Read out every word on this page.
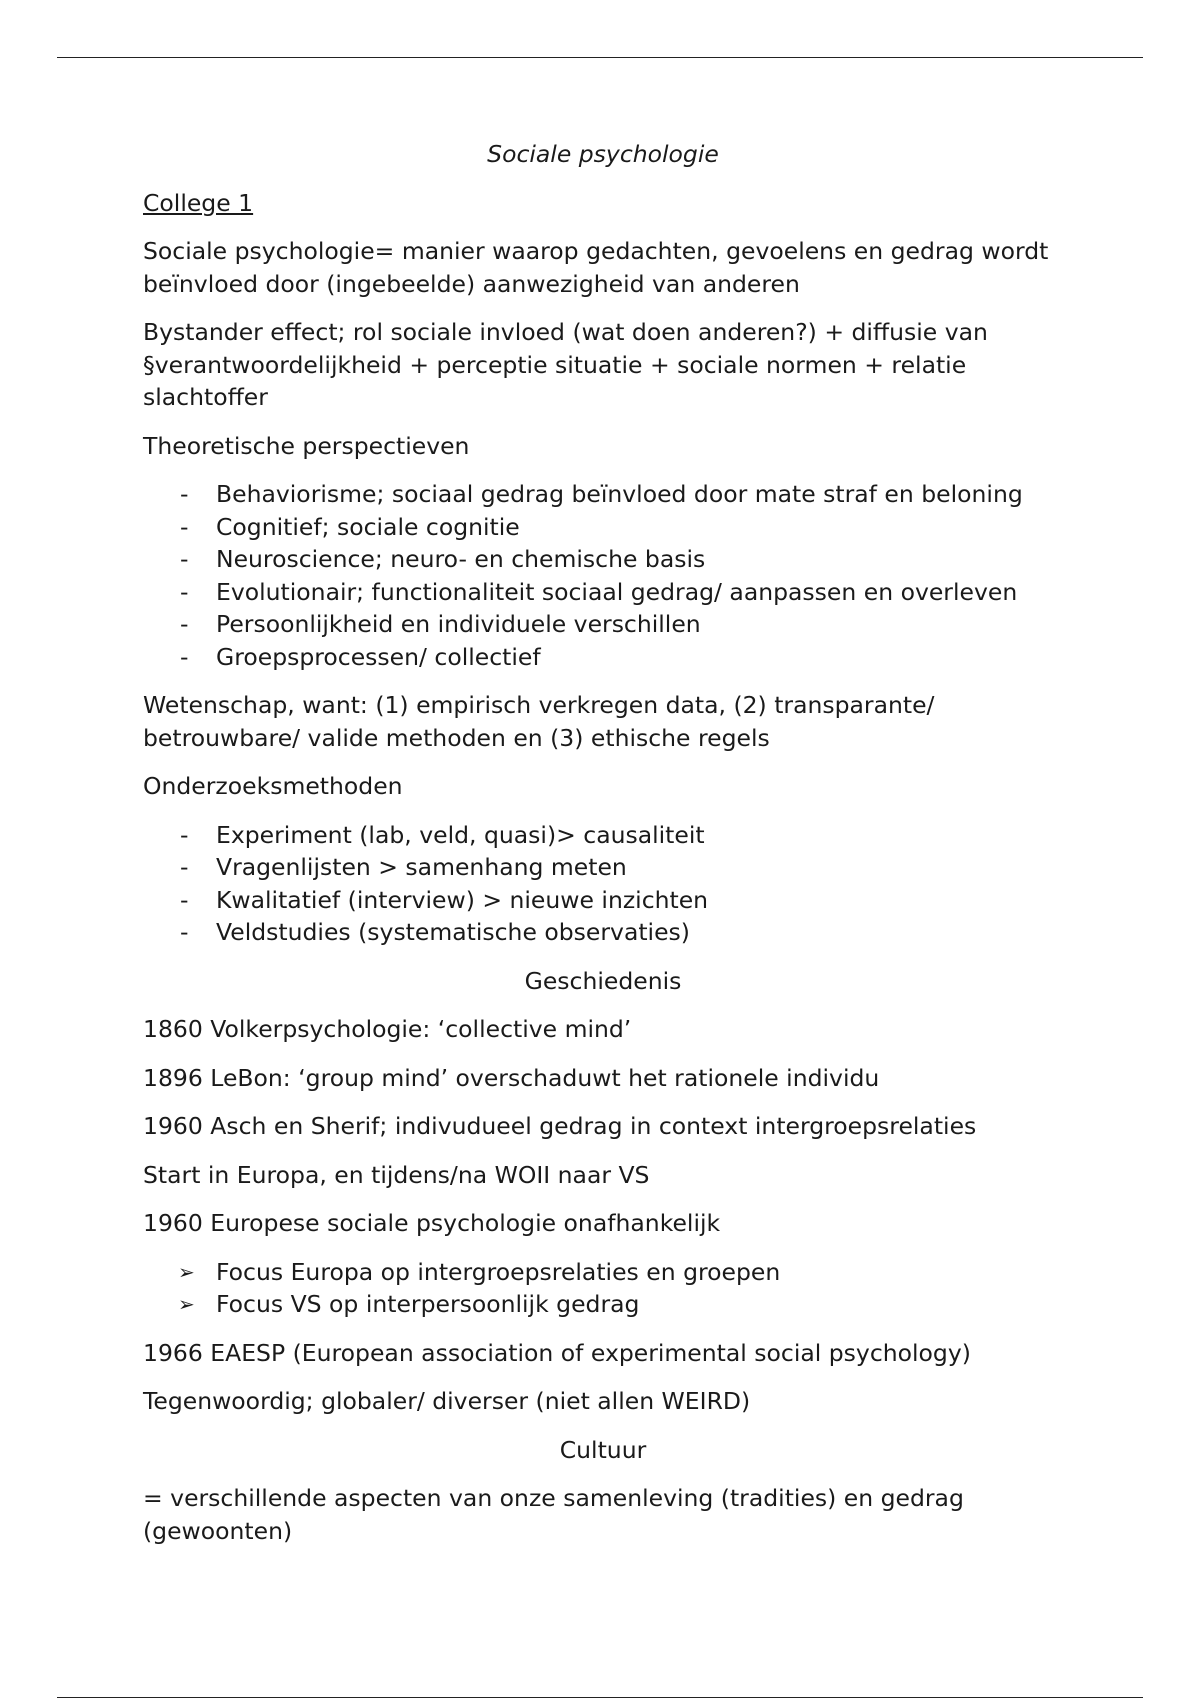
Sociale psychologie
College 1

Sociale psychologie= manier waarop gedachten, gevoelens en gedrag wordt beïnvloed door (ingebeelde) aanwezigheid van anderen

Bystander effect; rol sociale invloed (wat doen anderen?) + diffusie van
§verantwoordelijkheid + perceptie situatie + sociale normen + relatie
slachtoffer

Theoretische perspectieven

- Behaviorisme; sociaal gedrag beïnvloed door mate straf en beloning
- Cognitief; sociale cognitie
- Neuroscience; neuro- en chemische basis
- Evolutionair; functionaliteit sociaal gedrag/ aanpassen en overleven
- Persoonlijkheid en individuele verschillen
- Groepsprocessen/ collectief

Wetenschap, want: (1) empirisch verkregen data, (2) transparante/ betrouwbare/ valide methoden en (3) ethische regels

Onderzoeksmethoden

- Experiment (lab, veld, quasi)> causaliteit
- Vragenlijsten > samenhang meten
- Kwalitatief (interview) > nieuwe inzichten
- Veldstudies (systematische observaties)
Geschiedenis

1860 Volkerpsychologie: ‘collective mind’

1896 LeBon: ‘group mind’ overschaduwt het rationele individu

1960 Asch en Sherif; indivudueel gedrag in context intergroepsrelaties

Start in Europa, en tijdens/na WOII naar VS

1960 Europese sociale psychologie onafhankelijk

➢ Focus Europa op intergroepsrelaties en groepen
➢ Focus VS op interpersoonlijk gedrag

1966 EAESP (European association of experimental social psychology)

Tegenwoordig; globaler/ diverser (niet allen WEIRD)

Cultuur

= verschillende aspecten van onze samenleving (tradities) en gedrag (gewoonten)
